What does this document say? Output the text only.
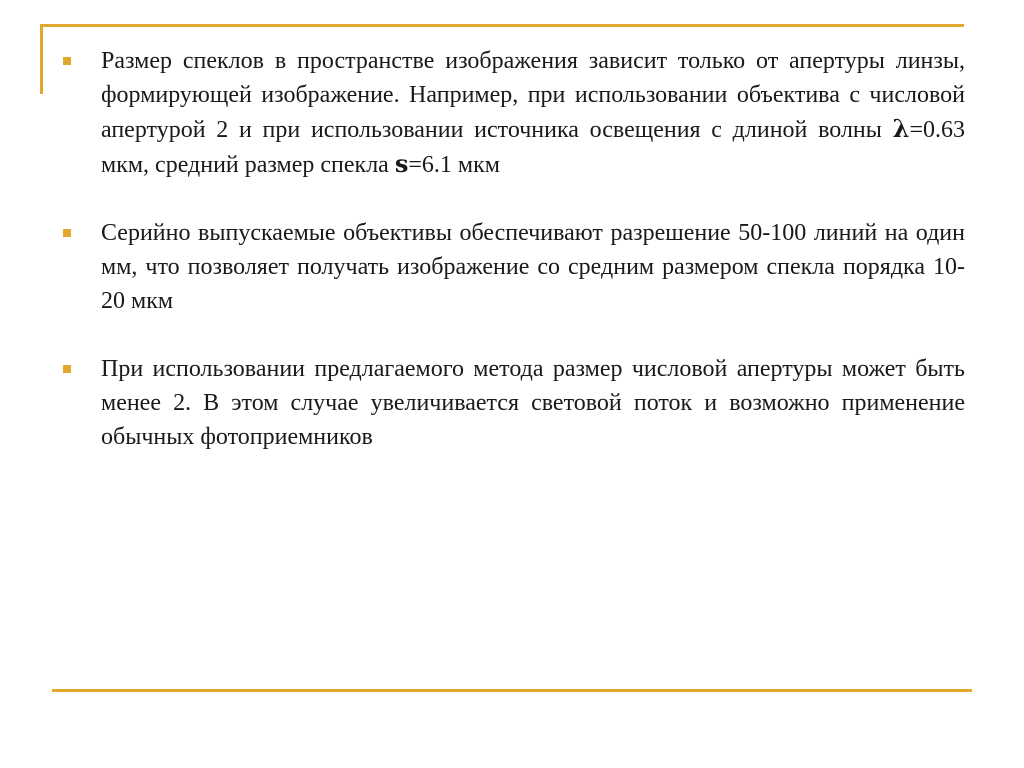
Размер спеклов в пространстве изображения зависит только от апертуры линзы, формирующей изображение. Например, при использовании объектива с числовой апертурой 2 и при использовании источника освещения с длиной волны λ=0.63 мкм, средний размер спекла s=6.1 мкм

Серийно выпускаемые объективы обеспечивают разрешение 50-100 линий на один мм, что позволяет получать изображение со средним размером спекла порядка 10-20 мкм

При использовании предлагаемого метода размер числовой апертуры может быть менее 2. В этом случае увеличивается световой поток и возможно применение обычных фотоприемников
